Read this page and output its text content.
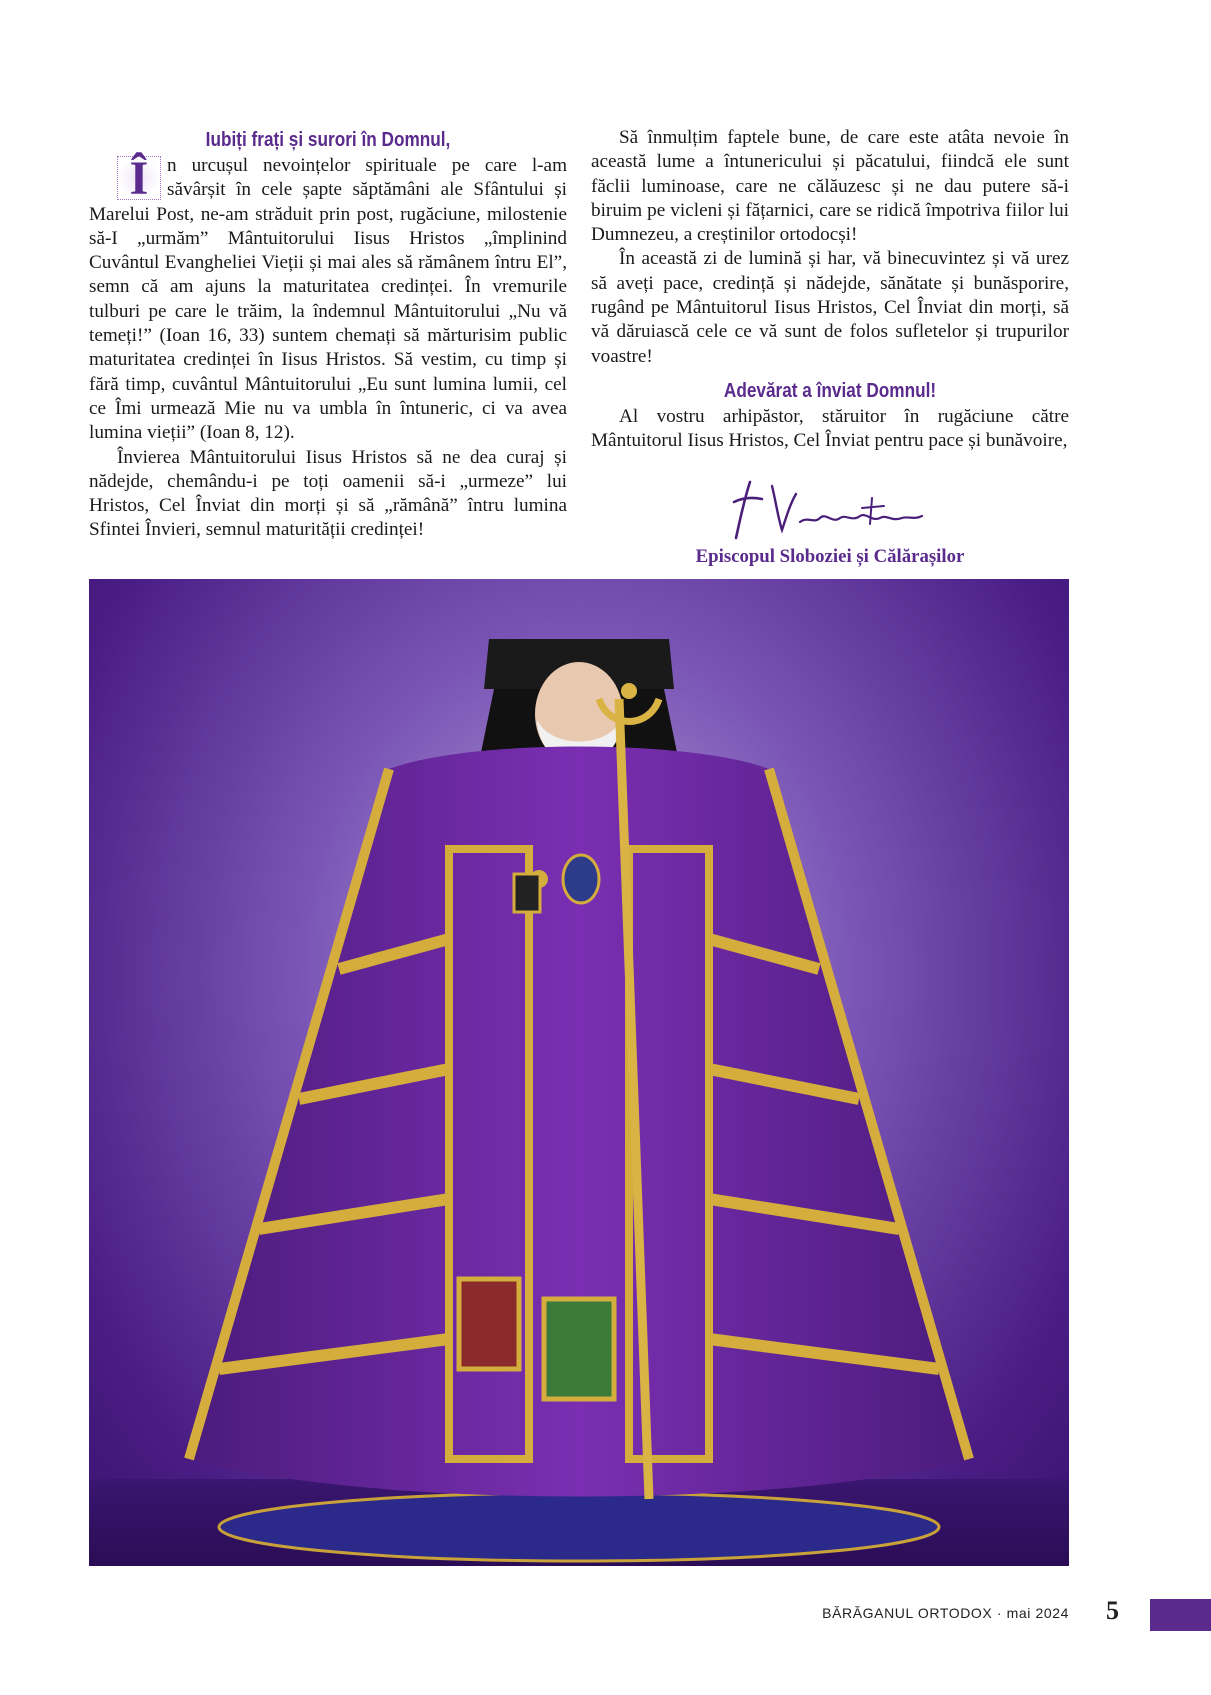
Iubiți frați și surori în Domnul,

Î n urcușul nevoințelor spirituale pe care l-am săvârșit în cele șapte săptămâni ale Sfântului și Marelui Post, ne-am străduit prin post, rugăciune, milostenie să-I „urmăm” Mântuitorului Iisus Hristos „împlinind Cuvântul Evangheliei Vieții și mai ales să rămânem întru El”, semn că am ajuns la maturitatea credinței. În vremurile tulburi pe care le trăim, la îndemnul Mântuitorului „Nu vă temeți!” (Ioan 16, 33) suntem chemați să mărturisim public maturitatea credinței în Iisus Hristos. Să vestim, cu timp și fără timp, cuvântul Mântuitorului „Eu sunt lumina lumii, cel ce Îmi urmează Mie nu va umbla în întuneric, ci va avea lumina vieții” (Ioan 8, 12).

Învierea Mântuitorului Iisus Hristos să ne dea curaj și nădejde, chemându-i pe toți oamenii să-i „urmeze” lui Hristos, Cel Înviat din morți și să „rămână” întru lumina Sfintei Învieri, semnul maturității credinței!

Să înmulțim faptele bune, de care este atâta nevoie în această lume a întunericului și păcatului, fiindcă ele sunt făclii luminoase, care ne călăuzesc și ne dau putere să-i biruim pe vicleni și fățarnici, care se ridică împotriva fiilor lui Dumnezeu, a creștinilor ortodocși!

În această zi de lumină și har, vă binecuvintez și vă urez să aveți pace, credință și nădejde, sănătate și bunăsporire, rugând pe Mântuitorul Iisus Hristos, Cel Înviat din morți, să vă dăruiască cele ce vă sunt de folos sufletelor și trupurilor voastre!

Adevărat a înviat Domnul!

Al vostru arhipăstor, stăruitor în rugăciune către Mântuitorul Iisus Hristos, Cel Înviat pentru pace și bunăvoire,

Episcopul Sloboziei și Călărașilor
BĂRĂGANUL ORTODOX · mai 2024 5
